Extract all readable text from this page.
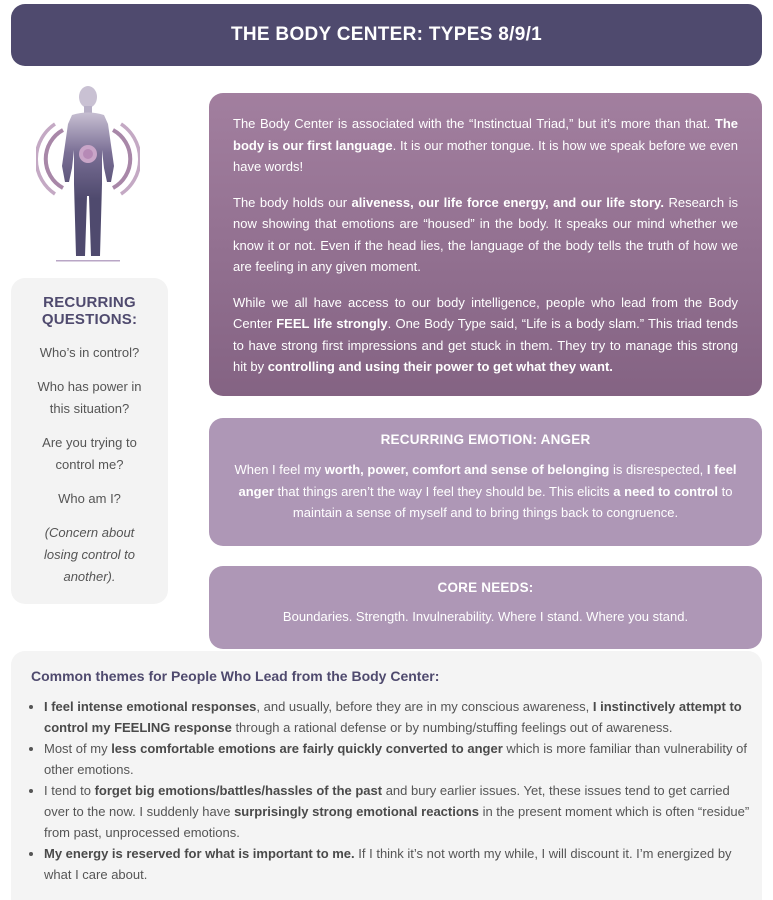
THE BODY CENTER: TYPES 8/9/1
RECURRING QUESTIONS:

Who’s in control?

Who has power in this situation?

Are you trying to control me?

Who am I?

(Concern about losing control to another).

The Body Center is associated with the “Instinctual Triad,” but it’s more than that. The body is our first language. It is our mother tongue. It is how we speak before we even have words!

The body holds our aliveness, our life force energy, and our life story. Research is now showing that emotions are “housed” in the body. It speaks our mind whether we know it or not. Even if the head lies, the language of the body tells the truth of how we are feeling in any given moment.

While we all have access to our body intelligence, people who lead from the Body Center FEEL life strongly. One Body Type said, “Life is a body slam.” This triad tends to have strong first impressions and get stuck in them. They try to manage this strong hit by controlling and using their power to get what they want.

RECURRING EMOTION: ANGER

When I feel my worth, power, comfort and sense of belonging is disrespected, I feel anger that things aren’t the way I feel they should be. This elicits a need to control to maintain a sense of myself and to bring things back to congruence.

CORE NEEDS:

Boundaries. Strength. Invulnerability. Where I stand. Where you stand.

Common themes for People Who Lead from the Body Center:
• I feel intense emotional responses, and usually, before they are in my conscious awareness, I instinctively attempt to control my FEELING response through a rational defense or by numbing/stuffing feelings out of awareness.
• Most of my less comfortable emotions are fairly quickly converted to anger which is more familiar than vulnerability of other emotions.
• I tend to forget big emotions/battles/hassles of the past and bury earlier issues. Yet, these issues tend to get carried over to the now. I suddenly have surprisingly strong emotional reactions in the present moment which is often “residue” from past, unprocessed emotions.
• My energy is reserved for what is important to me. If I think it’s not worth my while, I will discount it. I’m energized by what I care about.
